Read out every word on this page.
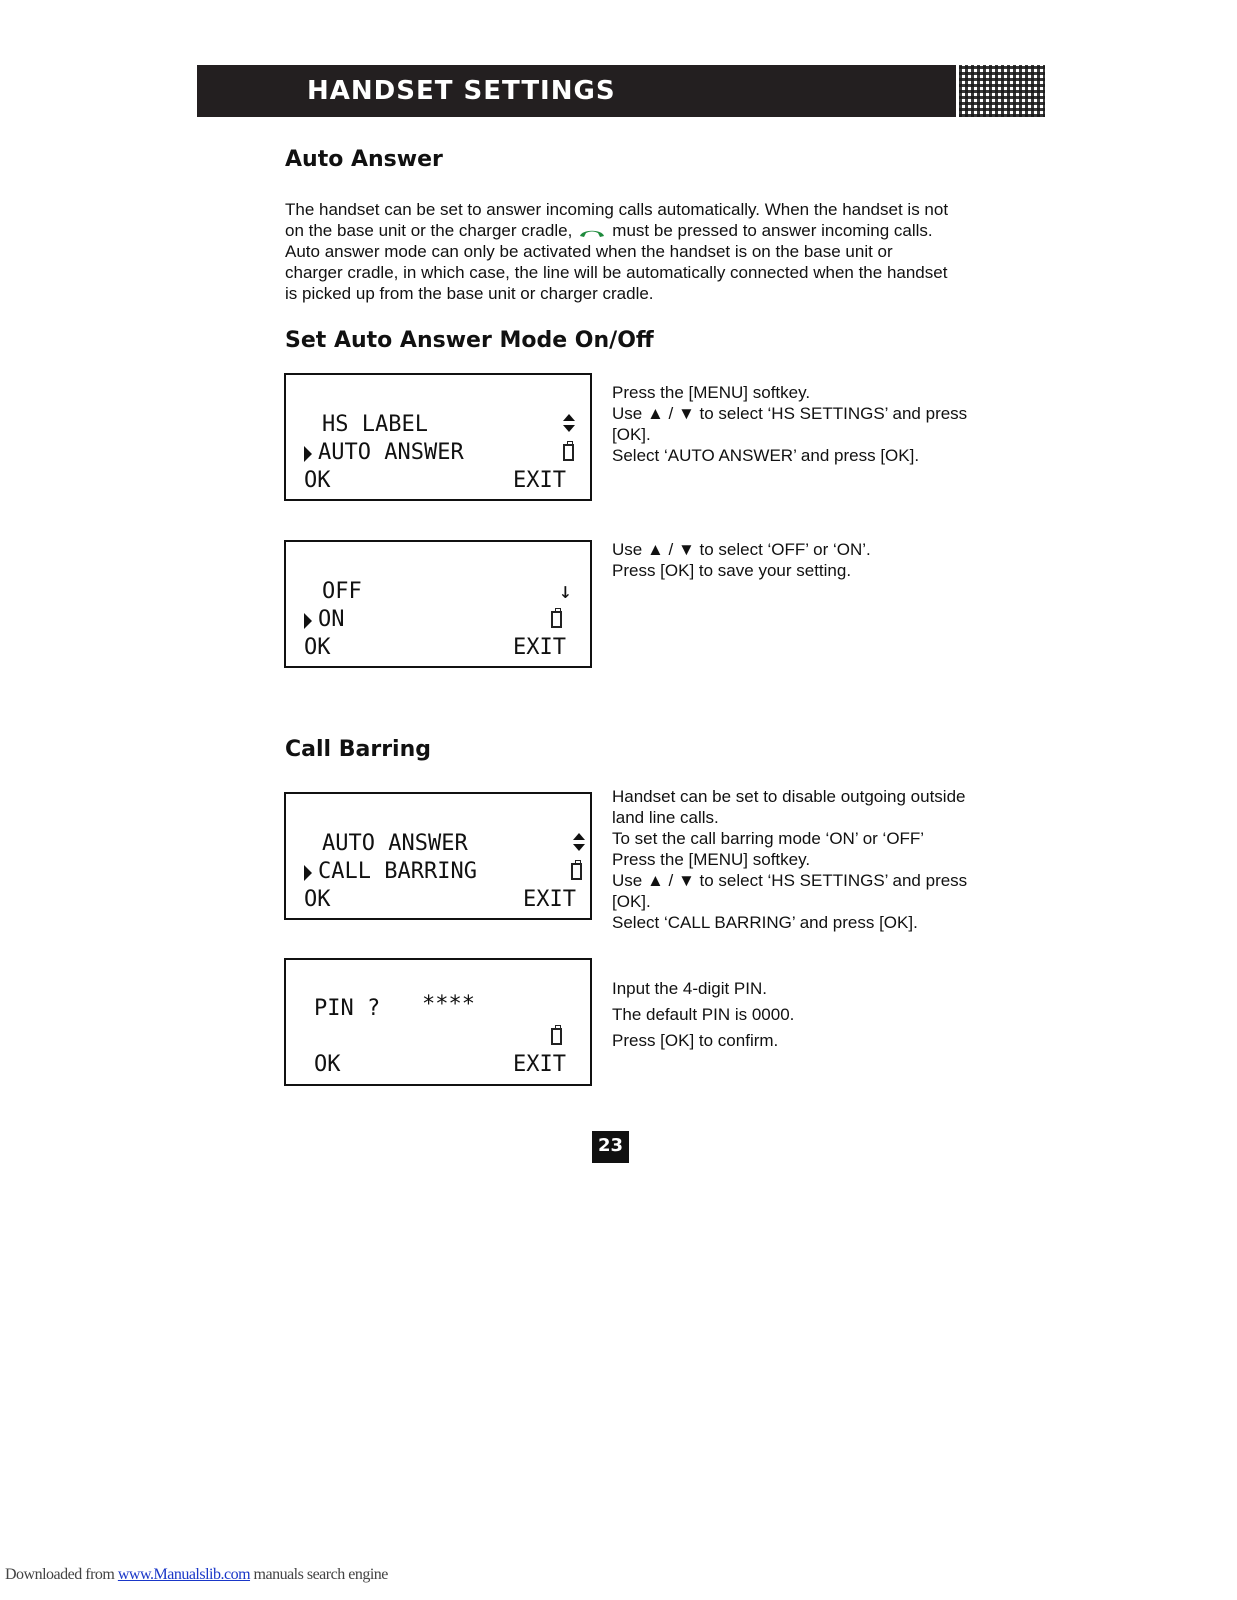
HANDSET SETTINGS
Auto Answer
The handset can be set to answer incoming calls automatically. When the handset is not on the base unit or the charger cradle, must be pressed to answer incoming calls. Auto answer mode can only be activated when the handset is on the base unit or charger cradle, in which case, the line will be automatically connected when the handset is picked up from the base unit or charger cradle.
Set Auto Answer Mode On/Off
HS LABEL
AUTO ANSWER
OK	EXIT
Press the [MENU] softkey.
Use ▲ / ▼ to select ‘HS SETTINGS’ and press [OK].
Select ‘AUTO ANSWER’ and press [OK].
OFF	↓
ON
OK	EXIT
Use ▲ / ▼ to select ‘OFF’ or ‘ON’.
Press [OK] to save your setting.
Call Barring
AUTO ANSWER
CALL BARRING
OK	EXIT
Handset can be set to disable outgoing outside land line calls.
To set the call barring mode ‘ON’ or ‘OFF’
Press the [MENU] softkey.
Use ▲ / ▼ to select ‘HS SETTINGS’ and press [OK].
Select ‘CALL BARRING’ and press [OK].
PIN ? ****
OK	EXIT
Input the 4-digit PIN.
The default PIN is 0000.
Press [OK] to confirm.
23
Downloaded from www.Manualslib.com manuals search engine
